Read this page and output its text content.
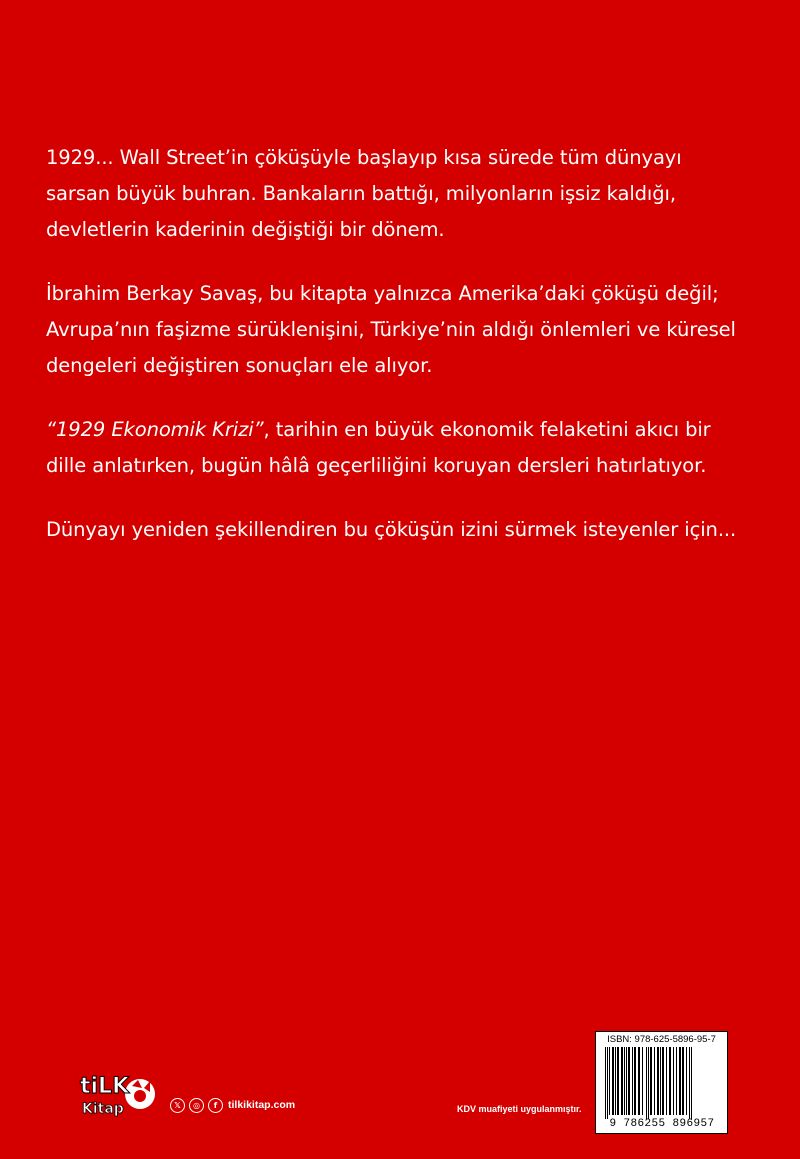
1929... Wall Street’in çöküşüyle başlayıp kısa sürede tüm dünyayı sarsan büyük buhran. Bankaların battığı, milyonların işsiz kaldığı, devletlerin kaderinin değiştiği bir dönem.

İbrahim Berkay Savaş, bu kitapta yalnızca Amerika’daki çöküşü değil; Avrupa’nın faşizme sürüklenişini, Türkiye’nin aldığı önlemleri ve küresel dengeleri değiştiren sonuçları ele alıyor.

“1929 Ekonomik Krizi”, tarihin en büyük ekonomik felaketini akıcı bir dille anlatırken, bugün hâlâ geçerliliğini koruyan dersleri hatırlatıyor.

Dünyayı yeniden şekillendiren bu çöküşün izini sürmek isteyenler için...

tiLK
Kitap	𝕏	◎	f	tilkikitap.com	KDV muafiyeti uygulanmıştır.
ISBN: 978-625-5896-95-7
9 786255 896957
